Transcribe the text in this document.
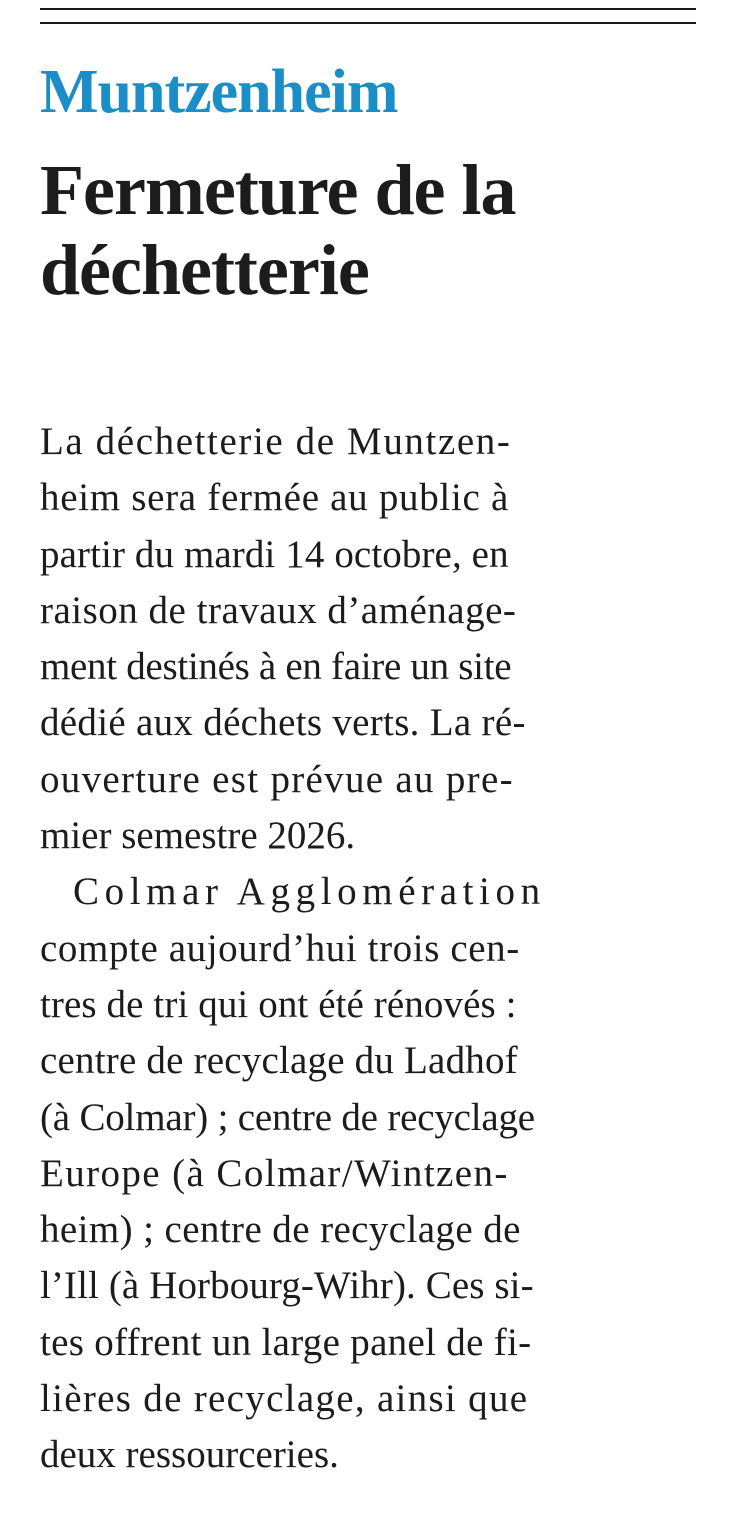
Muntzenheim
Fermeture de la
déchetterie
La déchetterie de Muntzen-
heim sera fermée au public à
partir du mardi 14 octobre, en
raison de travaux d’aménage-
ment destinés à en faire un site
dédié aux déchets verts. La ré-
ouverture est prévue au pre-
mier semestre 2026.
Colmar Agglomération
compte aujourd’hui trois cen-
tres de tri qui ont été rénovés :
centre de recyclage du Ladhof
(à Colmar) ; centre de recyclage
Europe (à Colmar/Wintzen-
heim) ; centre de recyclage de
l’Ill (à Horbourg-Wihr). Ces si-
tes offrent un large panel de fi-
lières de recyclage, ainsi que
deux ressourceries.
